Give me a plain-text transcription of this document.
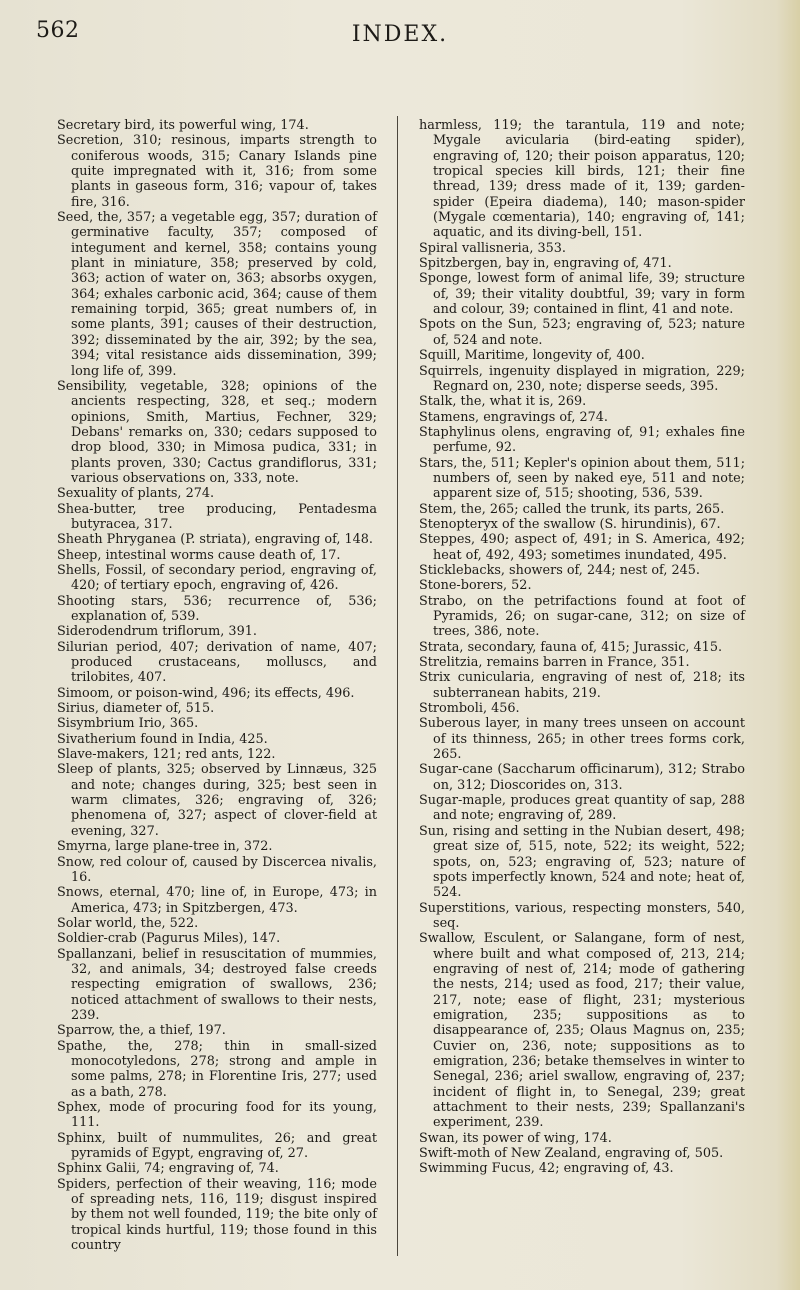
562	INDEX.

Secretary bird, its powerful wing, 174.

Secretion, 310; resinous, imparts strength to coniferous woods, 315; Canary Islands pine quite impregnated with it, 316; from some plants in gaseous form, 316; vapour of, takes fire, 316.

Seed, the, 357; a vegetable egg, 357; duration of germinative faculty, 357; composed of integument and kernel, 358; contains young plant in miniature, 358; preserved by cold, 363; action of water on, 363; absorbs oxygen, 364; exhales carbonic acid, 364; cause of them remaining torpid, 365; great numbers of, in some plants, 391; causes of their destruction, 392; disseminated by the air, 392; by the sea, 394; vital resistance aids dissemination, 399; long life of, 399.

Sensibility, vegetable, 328; opinions of the ancients respecting, 328, et seq.; modern opinions, Smith, Martius, Fechner, 329; Debans' remarks on, 330; cedars supposed to drop blood, 330; in Mimosa pudica, 331; in plants proven, 330; Cactus grandiflorus, 331; various observations on, 333, note.

Sexuality of plants, 274.

Shea-butter, tree producing, Pentadesma butyracea, 317.

Sheath Phryganea (P. striata), engraving of, 148.

Sheep, intestinal worms cause death of, 17.

Shells, Fossil, of secondary period, engraving of, 420; of tertiary epoch, engraving of, 426.

Shooting stars, 536; recurrence of, 536; explanation of, 539.

Siderodendrum triflorum, 391.

Silurian period, 407; derivation of name, 407; produced crustaceans, molluscs, and trilobites, 407.

Simoom, or poison-wind, 496; its effects, 496.

Sirius, diameter of, 515.

Sisymbrium Irio, 365.

Sivatherium found in India, 425.

Slave-makers, 121; red ants, 122.

Sleep of plants, 325; observed by Linnæus, 325 and note; changes during, 325; best seen in warm climates, 326; engraving of, 326; phenomena of, 327; aspect of clover-field at evening, 327.

Smyrna, large plane-tree in, 372.

Snow, red colour of, caused by Discercea nivalis, 16.

Snows, eternal, 470; line of, in Europe, 473; in America, 473; in Spitzbergen, 473.

Solar world, the, 522.

Soldier-crab (Pagurus Miles), 147.

Spallanzani, belief in resuscitation of mummies, 32, and animals, 34; destroyed false creeds respecting emigration of swallows, 236; noticed attachment of swallows to their nests, 239.

Sparrow, the, a thief, 197.

Spathe, the, 278; thin in small-sized monocotyledons, 278; strong and ample in some palms, 278; in Florentine Iris, 277; used as a bath, 278.

Sphex, mode of procuring food for its young, 111.

Sphinx, built of nummulites, 26; and great pyramids of Egypt, engraving of, 27.

Sphinx Galii, 74; engraving of, 74.

Spiders, perfection of their weaving, 116; mode of spreading nets, 116, 119; disgust inspired by them not well founded, 119; the bite only of tropical kinds hurtful, 119; those found in this country

harmless, 119; the tarantula, 119 and note; Mygale avicularia (bird-eating spider), engraving of, 120; their poison apparatus, 120; tropical species kill birds, 121; their fine thread, 139; dress made of it, 139; garden-spider (Epeira diadema), 140; mason-spider (Mygale cœmentaria), 140; engraving of, 141; aquatic, and its diving-bell, 151.

Spiral vallisneria, 353.

Spitzbergen, bay in, engraving of, 471.

Sponge, lowest form of animal life, 39; structure of, 39; their vitality doubtful, 39; vary in form and colour, 39; contained in flint, 41 and note.

Spots on the Sun, 523; engraving of, 523; nature of, 524 and note.

Squill, Maritime, longevity of, 400.

Squirrels, ingenuity displayed in migration, 229; Regnard on, 230, note; disperse seeds, 395.

Stalk, the, what it is, 269.

Stamens, engravings of, 274.

Staphylinus olens, engraving of, 91; exhales fine perfume, 92.

Stars, the, 511; Kepler's opinion about them, 511; numbers of, seen by naked eye, 511 and note; apparent size of, 515; shooting, 536, 539.

Stem, the, 265; called the trunk, its parts, 265.

Stenopteryx of the swallow (S. hirundinis), 67.

Steppes, 490; aspect of, 491; in S. America, 492; heat of, 492, 493; sometimes inundated, 495.

Sticklebacks, showers of, 244; nest of, 245.

Stone-borers, 52.

Strabo, on the petrifactions found at foot of Pyramids, 26; on sugar-cane, 312; on size of trees, 386, note.

Strata, secondary, fauna of, 415; Jurassic, 415.

Strelitzia, remains barren in France, 351.

Strix cunicularia, engraving of nest of, 218; its subterranean habits, 219.

Stromboli, 456.

Suberous layer, in many trees unseen on account of its thinness, 265; in other trees forms cork, 265.

Sugar-cane (Saccharum officinarum), 312; Strabo on, 312; Dioscorides on, 313.

Sugar-maple, produces great quantity of sap, 288 and note; engraving of, 289.

Sun, rising and setting in the Nubian desert, 498; great size of, 515, note, 522; its weight, 522; spots, on, 523; engraving of, 523; nature of spots imperfectly known, 524 and note; heat of, 524.

Superstitions, various, respecting monsters, 540, seq.

Swallow, Esculent, or Salangane, form of nest, where built and what composed of, 213, 214; engraving of nest of, 214; mode of gathering the nests, 214; used as food, 217; their value, 217, note; ease of flight, 231; mysterious emigration, 235; suppositions as to disappearance of, 235; Olaus Magnus on, 235; Cuvier on, 236, note; suppositions as to emigration, 236; betake themselves in winter to Senegal, 236; ariel swallow, engraving of, 237; incident of flight in, to Senegal, 239; great attachment to their nests, 239; Spallanzani's experiment, 239.

Swan, its power of wing, 174.

Swift-moth of New Zealand, engraving of, 505.

Swimming Fucus, 42; engraving of, 43.
